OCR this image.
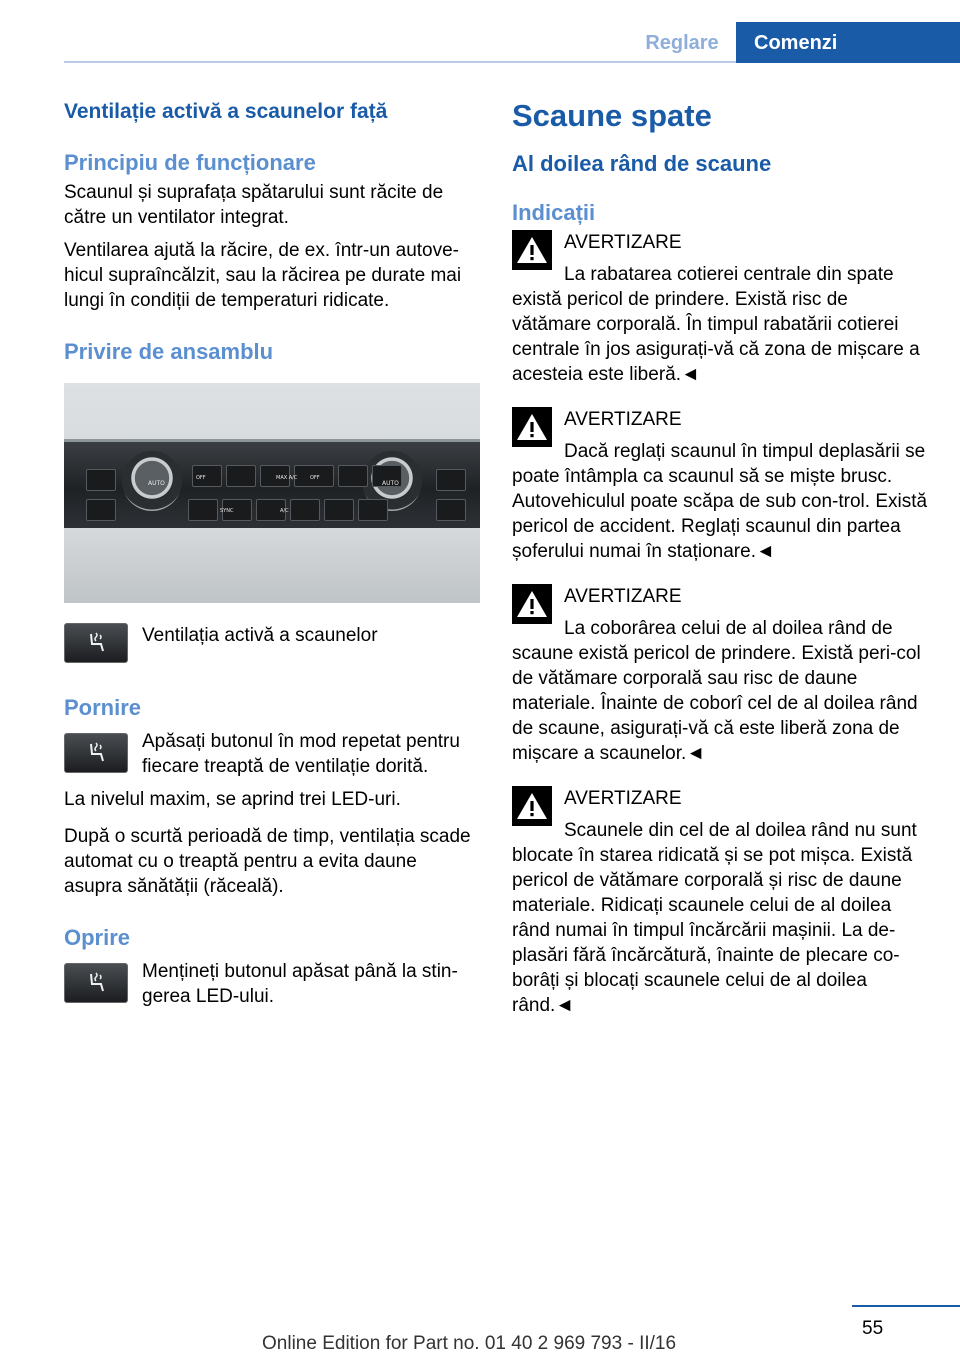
Reglare	Comenzi

Ventilație activă a scaunelor față

Principiu de funcționare

Scaunul și suprafața spătarului sunt răcite de către un ventilator integrat.

Ventilarea ajută la răcire, de ex. într-un autove-hicul supraîncălzit, sau la răcirea pe durate mai lungi în condiții de temperaturi ridicate.

Privire de ansamblu

AUTO
OFF	MAX A/C	OFF
AUTO
SYNC	A/C

Ventilația activă a scaunelor

Pornire

Apăsați butonul în mod repetat pentru fiecare treaptă de ventilație dorită.

La nivelul maxim, se aprind trei LED-uri.

După o scurtă perioadă de timp, ventilația scade automat cu o treaptă pentru a evita daune asupra sănătății (răceală).

Oprire

Mențineți butonul apăsat până la stin-gerea LED-ului.

Scaune spate

Al doilea rând de scaune

Indicații

AVERTIZARE

La rabatarea cotierei centrale din spate există pericol de prindere. Există risc de vătămare corporală. În timpul rabatării cotierei centrale în jos asigurați-vă că zona de mișcare a acesteia este liberă.◄

AVERTIZARE

Dacă reglați scaunul în timpul deplasării se poate întâmpla ca scaunul să se miște brusc. Autovehiculul poate scăpa de sub con-trol. Există pericol de accident. Reglați scaunul din partea șoferului numai în staționare.◄

AVERTIZARE

La coborârea celui de al doilea rând de scaune există pericol de prindere. Există peri-col de vătămare corporală sau risc de daune materiale. Înainte de coborî cel de al doilea rând de scaune, asigurați-vă că este liberă zona de mișcare a scaunelor.◄

AVERTIZARE

Scaunele din cel de al doilea rând nu sunt blocate în starea ridicată și se pot mișca. Există pericol de vătămare corporală și risc de daune materiale. Ridicați scaunele celui de al doilea rând numai în timpul încărcării mașinii. La de-plasări fără încărcătură, înainte de plecare co-borâți și blocați scaunele celui de al doilea rând.◄

55
Online Edition for Part no. 01 40 2 969 793 - II/16
